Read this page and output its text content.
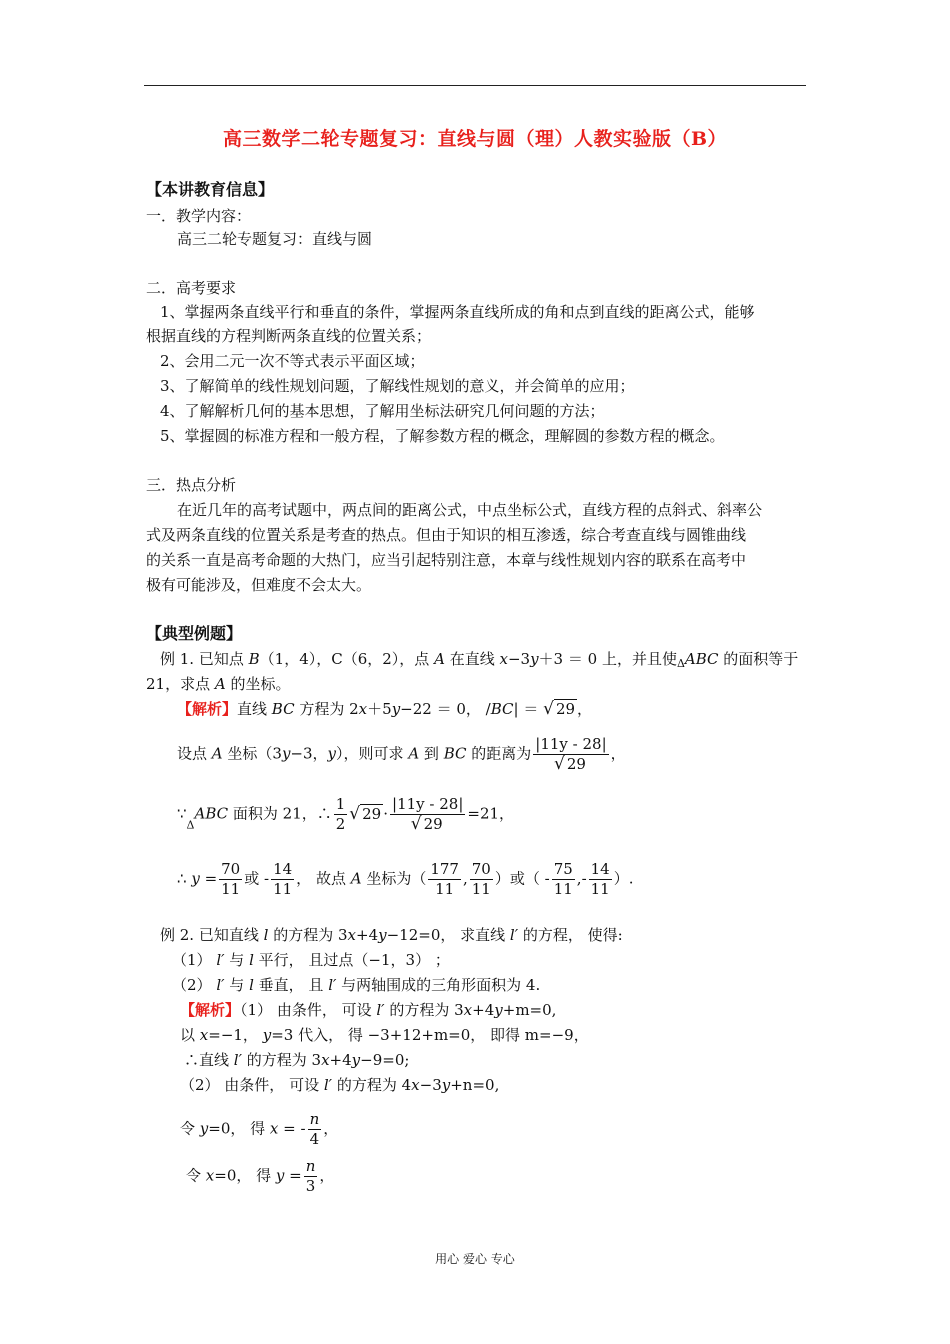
高三数学二轮专题复习：直线与圆（理）人教实验版（B）
【本讲教育信息】
一．教学内容：
高三二轮专题复习：直线与圆
二．高考要求
1、掌握两条直线平行和垂直的条件，掌握两条直线所成的角和点到直线的距离公式，能够
根据直线的方程判断两条直线的位置关系；
2、会用二元一次不等式表示平面区域；
3、了解简单的线性规划问题，了解线性规划的意义，并会简单的应用；
4、了解解析几何的基本思想，了解用坐标法研究几何问题的方法；
5、掌握圆的标准方程和一般方程，了解参数方程的概念，理解圆的参数方程的概念。
三．热点分析
在近几年的高考试题中，两点间的距离公式，中点坐标公式，直线方程的点斜式、斜率公
式及两条直线的位置关系是考查的热点。但由于知识的相互渗透，综合考查直线与圆锥曲线
的关系一直是高考命题的大热门，应当引起特别注意，本章与线性规划内容的联系在高考中
极有可能涉及，但难度不会太大。
【典型例题】
例 1. 已知点 B（1，4），C（6，2），点 A 在直线 x−3y＋3 ＝ 0 上，并且使$_\Delta$ABC 的面积等于
21，求点 A 的坐标。
【解析】直线 BC 方程为 2x＋5y−22 ＝ 0， /BC| ＝ √ 29 ，
设点 A 坐标（3y−3，y），则可求 A 到 BC 的距离为 $\frac{|11y - 28|}{√ 29}$ ，
$\because_\Delta ABC$ 面积为 21，∴ $\frac{1}{2}$ √ $29 \cdot \frac{|11y - 28|}{√ 29} =21$，
∴ $y = \frac{70}{11}$ 或 - $\frac{14}{11}$ ， 故点 A 坐标为（ $\frac{177}{11}$ , $\frac{70}{11}$ ）或（ - $\frac{75}{11}$ ,- $\frac{14}{11}$ ）.
例 2. 已知直线 l 的方程为 3x+4y−12=0， 求直线 l′ 的方程， 使得:
（1） l′ 与 l 平行， 且过点（−1，3） ；
（2） l′ 与 l 垂直， 且 l′ 与两轴围成的三角形面积为 4.
【解析】（1） 由条件， 可设 l′ 的方程为 3x+4y+m=0,
以 x=−1， y=3 代入， 得 −3+12+m=0， 即得 m=−9，
∴直线 l′ 的方程为 3x+4y−9=0;
（2） 由条件， 可设 l′ 的方程为 4x−3y+n=0,
令 y=0， 得 x = - $\frac{n}{4}$ ，
令 x=0， 得 $y = \frac{n}{3}$ ，
用心 爱心 专心
